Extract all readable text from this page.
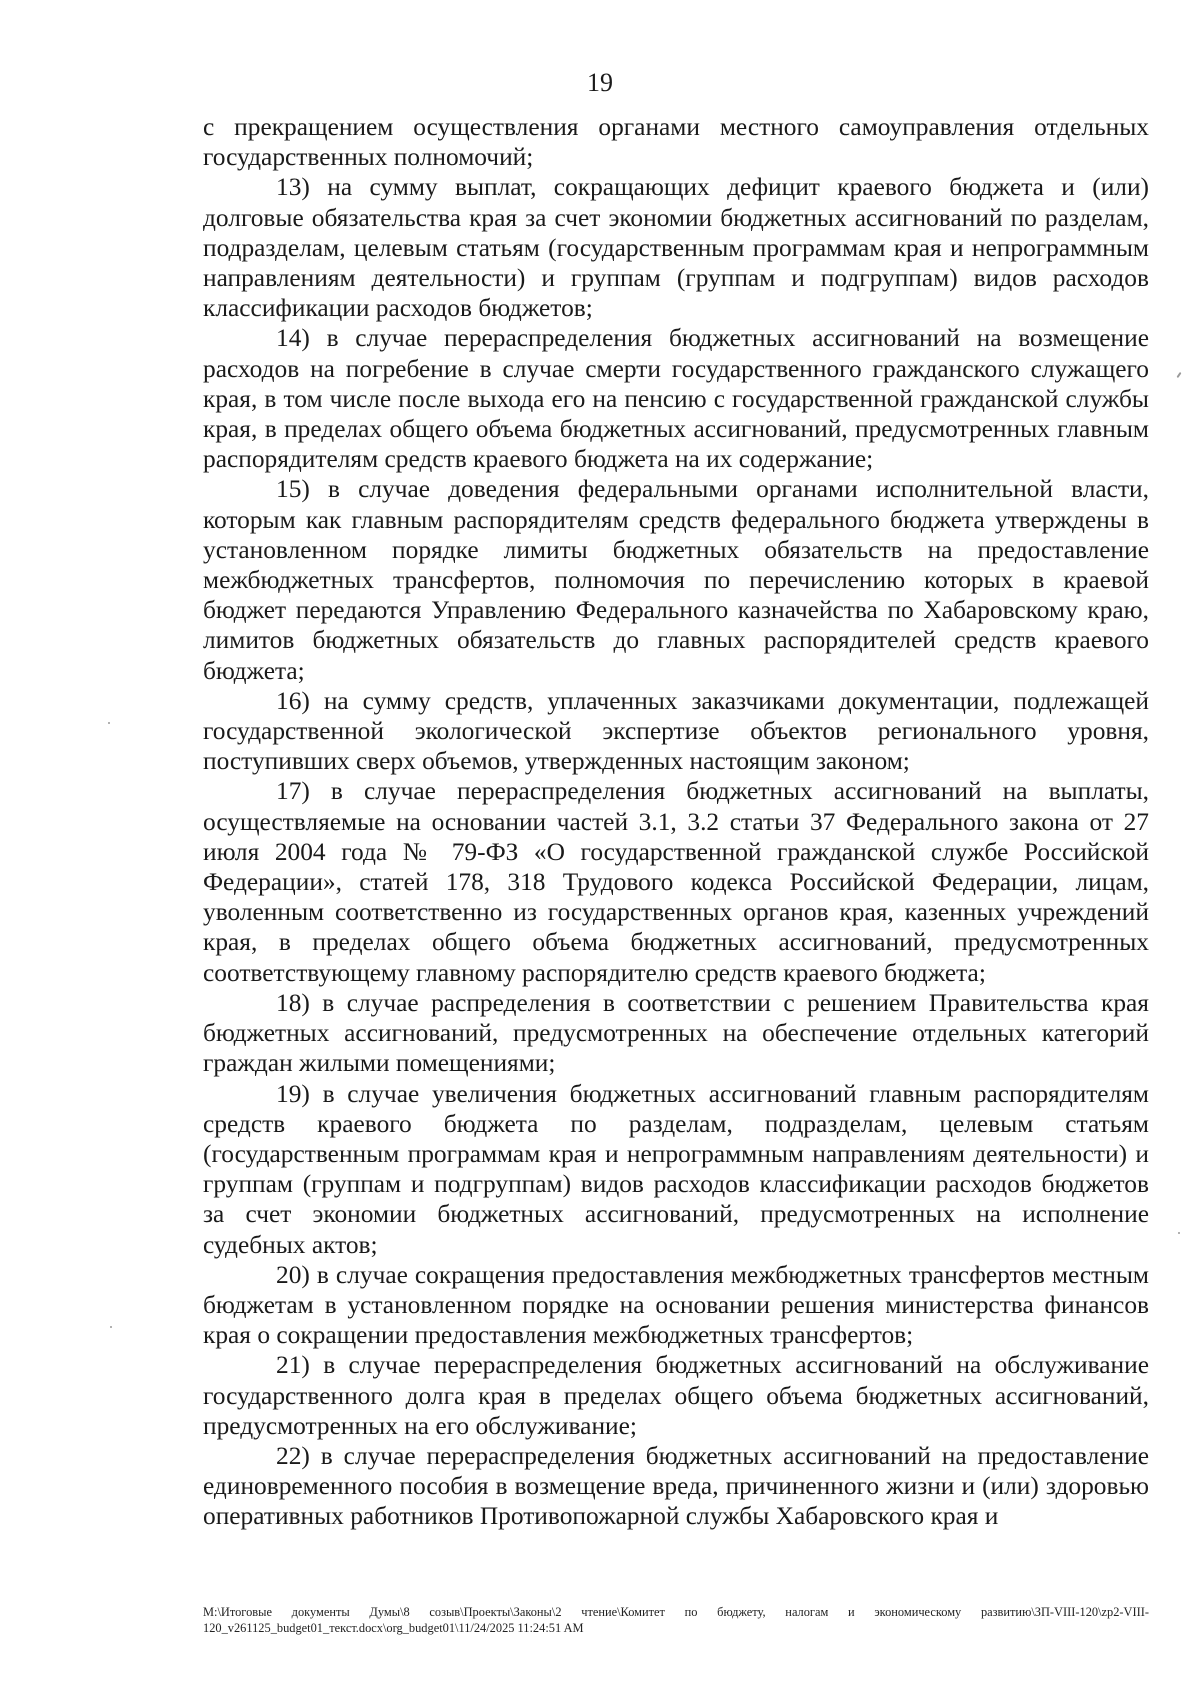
19

с прекращением осуществления органами местного самоуправления отдельных государственных полномочий;

13) на сумму выплат, сокращающих дефицит краевого бюджета и (или) долговые обязательства края за счет экономии бюджетных ассигнований по разделам, подразделам, целевым статьям (государственным программам края и непрограммным направлениям деятельности) и группам (группам и подгруппам) видов расходов классификации расходов бюджетов;

14) в случае перераспределения бюджетных ассигнований на возмещение расходов на погребение в случае смерти государственного гражданского служащего края, в том числе после выхода его на пенсию с государственной гражданской службы края, в пределах общего объема бюджетных ассигнований, предусмотренных главным распорядителям средств краевого бюджета на их содержание;

15) в случае доведения федеральными органами исполнительной власти, которым как главным распорядителям средств федерального бюджета утверждены в установленном порядке лимиты бюджетных обязательств на предоставление межбюджетных трансфертов, полномочия по перечислению которых в краевой бюджет передаются Управлению Федерального казначейства по Хабаровскому краю, лимитов бюджетных обязательств до главных распорядителей средств краевого бюджета;

16) на сумму средств, уплаченных заказчиками документации, подлежащей государственной экологической экспертизе объектов регионального уровня, поступивших сверх объемов, утвержденных настоящим законом;

17) в случае перераспределения бюджетных ассигнований на выплаты, осуществляемые на основании частей 3.1, 3.2 статьи 37 Федерального закона от 27 июля 2004 года № 79-ФЗ «О государственной гражданской службе Российской Федерации», статей 178, 318 Трудового кодекса Российской Федерации, лицам, уволенным соответственно из государственных органов края, казенных учреждений края, в пределах общего объема бюджетных ассигнований, предусмотренных соответствующему главному распорядителю средств краевого бюджета;

18) в случае распределения в соответствии с решением Правительства края бюджетных ассигнований, предусмотренных на обеспечение отдельных категорий граждан жилыми помещениями;

19) в случае увеличения бюджетных ассигнований главным распорядителям средств краевого бюджета по разделам, подразделам, целевым статьям (государственным программам края и непрограммным направлениям деятельности) и группам (группам и подгруппам) видов расходов классификации расходов бюджетов за счет экономии бюджетных ассигнований, предусмотренных на исполнение судебных актов;

20) в случае сокращения предоставления межбюджетных трансфертов местным бюджетам в установленном порядке на основании решения министерства финансов края о сокращении предоставления межбюджетных трансфертов;

21) в случае перераспределения бюджетных ассигнований на обслуживание государственного долга края в пределах общего объема бюджетных ассигнований, предусмотренных на его обслуживание;

22) в случае перераспределения бюджетных ассигнований на предоставление единовременного пособия в возмещение вреда, причиненного жизни и (или) здоровью оперативных работников Противопожарной службы Хабаровского края и

M:\Итоговые документы Думы\8 созыв\Проекты\Законы\2 чтение\Комитет по бюджету, налогам и экономическому развитию\ЗП-VIII-120\zp2-VIII-120_v261125_budget01_текст.docx\org_budget01\11/24/2025 11:24:51 AM
